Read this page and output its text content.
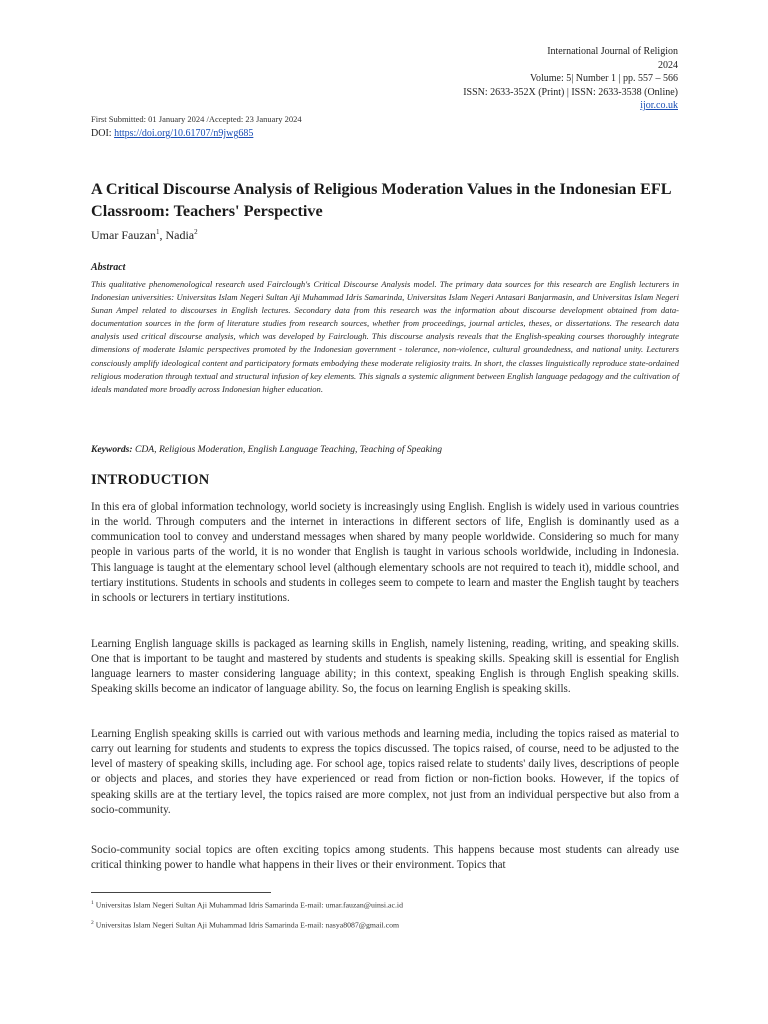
International Journal of Religion
2024
Volume: 5| Number 1 | pp. 557 – 566
ISSN: 2633-352X (Print) | ISSN: 2633-3538 (Online)
ijor.co.uk
First Submitted: 01 January 2024 /Accepted: 23 January 2024
DOI: https://doi.org/10.61707/n9jwg685
A Critical Discourse Analysis of Religious Moderation Values in the Indonesian EFL Classroom: Teachers' Perspective
Umar Fauzan$^1$, Nadia$^2$
Abstract
This qualitative phenomenological research used Fairclough's Critical Discourse Analysis model. The primary data sources for this research are English lecturers in Indonesian universities: Universitas Islam Negeri Sultan Aji Muhammad Idris Samarinda, Universitas Islam Negeri Antasari Banjarmasin, and Universitas Islam Negeri Sunan Ampel related to discourses in English lectures. Secondary data from this research was the information about discourse development obtained from data-documentation sources in the form of literature studies from research sources, whether from proceedings, journal articles, theses, or dissertations. The research data analysis used critical discourse analysis, which was developed by Fairclough. This discourse analysis reveals that the English-speaking courses thoroughly integrate dimensions of moderate Islamic perspectives promoted by the Indonesian government - tolerance, non-violence, cultural groundedness, and national unity. Lecturers consciously amplify ideological content and participatory formats embodying these moderate religiosity traits. In short, the classes linguistically reproduce state-ordained religious moderation through textual and structural infusion of key elements. This signals a systemic alignment between English language pedagogy and the cultivation of ideals mandated more broadly across Indonesian higher education.
Keywords: CDA, Religious Moderation, English Language Teaching, Teaching of Speaking
INTRODUCTION
In this era of global information technology, world society is increasingly using English. English is widely used in various countries in the world. Through computers and the internet in interactions in different sectors of life, English is dominantly used as a communication tool to convey and understand messages when shared by many people worldwide. Considering so much for many people in various parts of the world, it is no wonder that English is taught in various schools worldwide, including in Indonesia. This language is taught at the elementary school level (although elementary schools are not required to teach it), middle school, and tertiary institutions. Students in schools and students in colleges seem to compete to learn and master the English taught by teachers in schools or lecturers in tertiary institutions.
Learning English language skills is packaged as learning skills in English, namely listening, reading, writing, and speaking skills. One that is important to be taught and mastered by students and students is speaking skills. Speaking skill is essential for English language learners to master considering language ability; in this context, speaking English is through English speaking skills. Speaking skills become an indicator of language ability. So, the focus on learning English is speaking skills.
Learning English speaking skills is carried out with various methods and learning media, including the topics raised as material to carry out learning for students and students to express the topics discussed. The topics raised, of course, need to be adjusted to the level of mastery of speaking skills, including age. For school age, topics raised relate to students' daily lives, descriptions of people or objects and places, and stories they have experienced or read from fiction or non-fiction books. However, if the topics of speaking skills are at the tertiary level, the topics raised are more complex, not just from an individual perspective but also from a socio-community.
Socio-community social topics are often exciting topics among students. This happens because most students can already use critical thinking power to handle what happens in their lives or their environment. Topics that
$^1$ Universitas Islam Negeri Sultan Aji Muhammad Idris Samarinda E-mail: umar.fauzan@uinsi.ac.id
$^2$ Universitas Islam Negeri Sultan Aji Muhammad Idris Samarinda E-mail: nasya8087@gmail.com
